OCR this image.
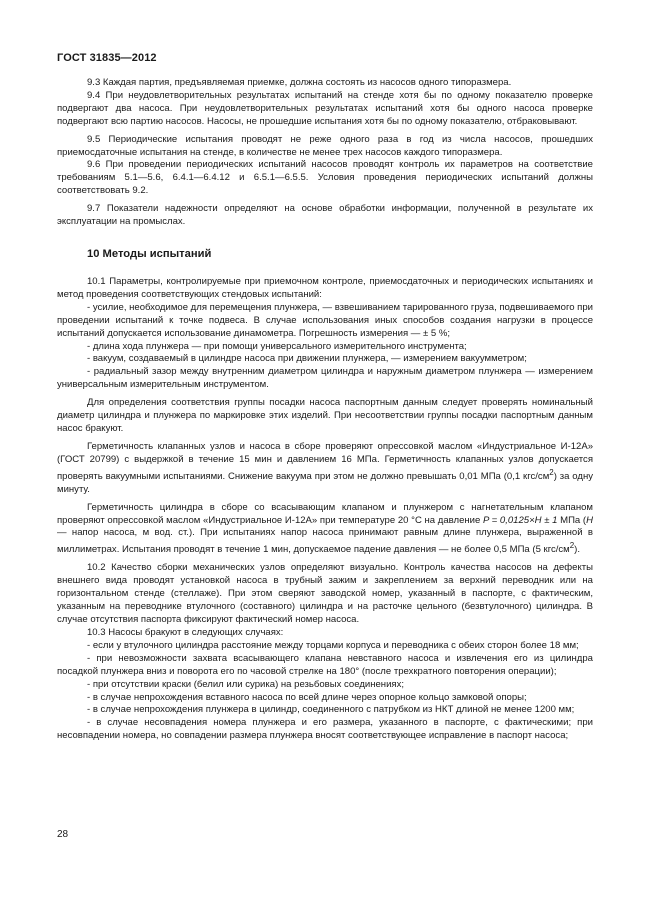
ГОСТ 31835—2012

9.3 Каждая партия, предъявляемая приемке, должна состоять из насосов одного типоразмера.

9.4 При неудовлетворительных результатах испытаний на стенде хотя бы по одному показателю проверке подвергают два насоса. При неудовлетворительных результатах испытаний хотя бы одного насоса проверке подвергают всю партию насосов. Насосы, не прошедшие испытания хотя бы по одному показателю, отбраковывают.

9.5 Периодические испытания проводят не реже одного раза в год из числа насосов, прошедших приемосдаточные испытания на стенде, в количестве не менее трех насосов каждого типоразмера.

9.6 При проведении периодических испытаний насосов проводят контроль их параметров на соответствие требованиям 5.1—5.6, 6.4.1—6.4.12 и 6.5.1—6.5.5. Условия проведения периодических испытаний должны соответствовать 9.2.

9.7 Показатели надежности определяют на основе обработки информации, полученной в результате их эксплуатации на промыслах.

10 Методы испытаний

10.1 Параметры, контролируемые при приемочном контроле, приемосдаточных и периодических испытаниях и метод проведения соответствующих стендовых испытаний:

- усилие, необходимое для перемещения плунжера, — взвешиванием тарированного груза, подвешиваемого при проведении испытаний к точке подвеса. В случае использования иных способов создания нагрузки в процессе испытаний допускается использование динамометра. Погрешность измерения — ± 5 %;

- длина хода плунжера — при помощи универсального измерительного инструмента;

- вакуум, создаваемый в цилиндре насоса при движении плунжера, — измерением вакуумметром;

- радиальный зазор между внутренним диаметром цилиндра и наружным диаметром плунжера — измерением универсальным измерительным инструментом.

Для определения соответствия группы посадки насоса паспортным данным следует проверять номинальный диаметр цилиндра и плунжера по маркировке этих изделий. При несоответствии группы посадки паспортным данным насос бракуют.

Герметичность клапанных узлов и насоса в сборе проверяют опрессовкой маслом «Индустриальное И-12А» (ГОСТ 20799) с выдержкой в течение 15 мин и давлением 16 МПа. Герметичность клапанных узлов допускается проверять вакуумными испытаниями. Снижение вакуума при этом не должно превышать 0,01 МПа (0,1 кгс/$см^2$) за одну минуту.

Герметичность цилиндра в сборе со всасывающим клапаном и плунжером с нагнетательным клапаном проверяют опрессовкой маслом «Индустриальное И-12А» при температуре 20 °С на давление P = 0,0125×H ± 1 МПа (H — напор насоса, м вод. ст.). При испытаниях напор насоса принимают равным длине плунжера, выраженной в миллиметрах. Испытания проводят в течение 1 мин, допускаемое падение давления — не более 0,5 МПа (5 кгс/$см^2$).

10.2 Качество сборки механических узлов определяют визуально. Контроль качества насосов на дефекты внешнего вида проводят установкой насоса в трубный зажим и закреплением за верхний переводник или на горизонтальном стенде (стеллаже). При этом сверяют заводской номер, указанный в паспорте, с фактическим, указанным на переводнике втулочного (составного) цилиндра и на расточке цельного (безвтулочного) цилиндра. В случае отсутствия паспорта фиксируют фактический номер насоса.

10.3 Насосы бракуют в следующих случаях:

- если у втулочного цилиндра расстояние между торцами корпуса и переводника с обеих сторон более 18 мм;

- при невозможности захвата всасывающего клапана невставного насоса и извлечения его из цилиндра посадкой плунжера вниз и поворота его по часовой стрелке на 180° (после трехкратного повторения операции);

- при отсутствии краски (белил или сурика) на резьбовых соединениях;

- в случае непрохождения вставного насоса по всей длине через опорное кольцо замковой опоры;

- в случае непрохождения плунжера в цилиндр, соединенного с патрубком из НКТ длиной не менее 1200 мм;

- в случае несовпадения номера плунжера и его размера, указанного в паспорте, с фактическими; при несовпадении номера, но совпадении размера плунжера вносят соответствующее исправление в паспорт насоса;

28
